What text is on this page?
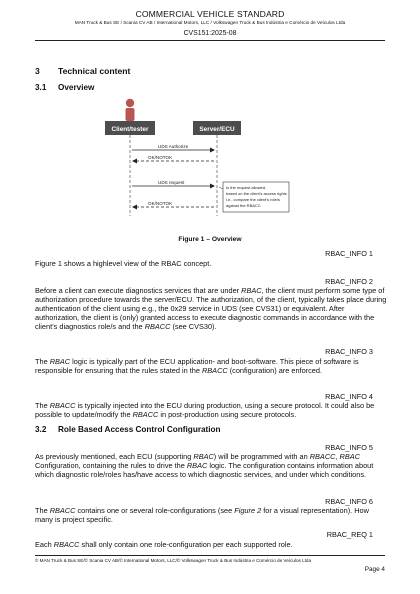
COMMERCIAL VEHICLE STANDARD
MAN Truck & Bus SE / Scania CV AB / International Motors, LLC / Volkswagen Truck & Bus Indústria e Comércio de Veículos Ltda
CVS151:2025-08
3 Technical content
3.1 Overview
Client/tester	Server/ECU
UDS Authorize
OK/NOTOK
UDS request
OK/NOTOK
Is the request allowed, based on the client's access rights i.e., compare the client's role/s against the RBACC
Figure 1 – Overview
RBAC_INFO 1
Figure 1 shows a highlevel view of the RBAC concept.
RBAC_INFO 2
Before a client can execute diagnostics services that are under RBAC, the client must perform some type of authorization procedure towards the server/ECU. The authorization, of the client, typically takes place during authentication of the client using e.g., the 0x29 service in UDS (see CVS31) or equivalent. After authorization, the client is (only) granted access to execute diagnostic commands in accordance with the client’s diagnostics role/s and the RBACC (see CVS30).
RBAC_INFO 3
The RBAC logic is typically part of the ECU application- and boot-software. This piece of software is responsible for ensuring that the rules stated in the RBACC (configuration) are enforced.
RBAC_INFO 4
The RBACC is typically injected into the ECU during production, using a secure protocol. It could also be possible to update/modify the RBACC in post-production using secure protocols.
3.2 Role Based Access Control Configuration
RBAC_INFO 5
As previously mentioned, each ECU (supporting RBAC) will be programmed with an RBACC, RBAC Configuration, containing the rules to drive the RBAC logic. The configuration contains information about which diagnostic role/roles has/have access to which diagnostic services, and under which conditions.
RBAC_INFO 6
The RBACC contains one or several role-configurations (see Figure 2 for a visual representation). How many is project specific.
RBAC_REQ 1
Each RBACC shall only contain one role-configuration per each supported role.
© MAN Truck & Bus SE/© Scania CV AB/© International Motors, LLC/© Volkswagen Truck & Bus Indústria e Comércio de Veículos Ltda
Page 4
